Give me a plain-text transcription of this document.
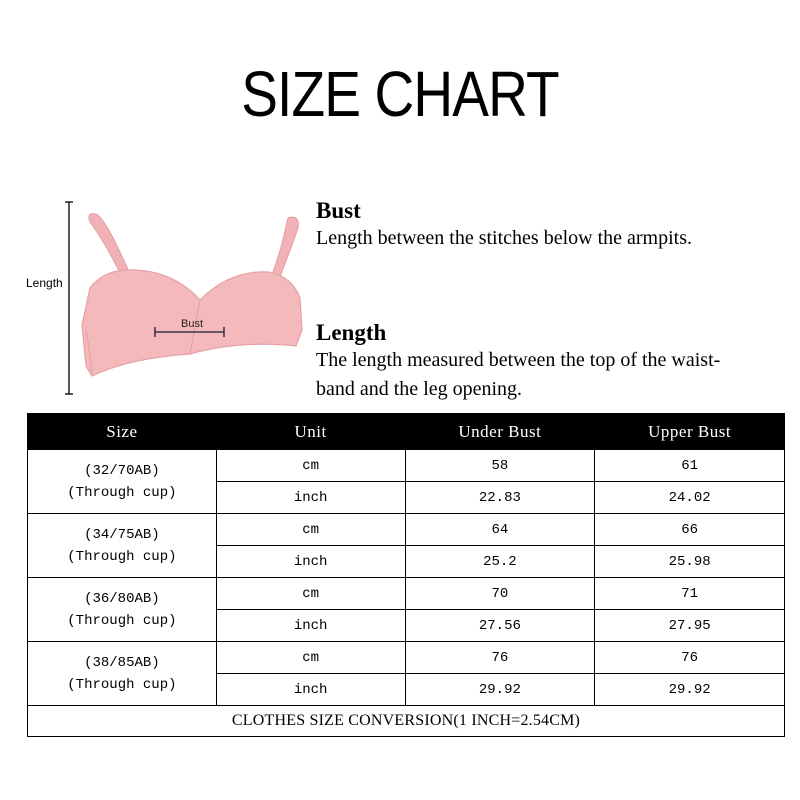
SIZE CHART
Length
Bust
Bust
Length between the stitches below the armpits.
Length
The length measured between the top of the waist-
band and the leg opening.
Size	Unit	Under Bust	Upper Bust
(32/70AB)
(Through cup)	cm	58	61
	inch	22.83	24.02
(34/75AB)
(Through cup)	cm	64	66
	inch	25.2	25.98
(36/80AB)
(Through cup)	cm	70	71
	inch	27.56	27.95
(38/85AB)
(Through cup)	cm	76	76
	inch	29.92	29.92
CLOTHES SIZE CONVERSION(1 INCH=2.54CM)			
